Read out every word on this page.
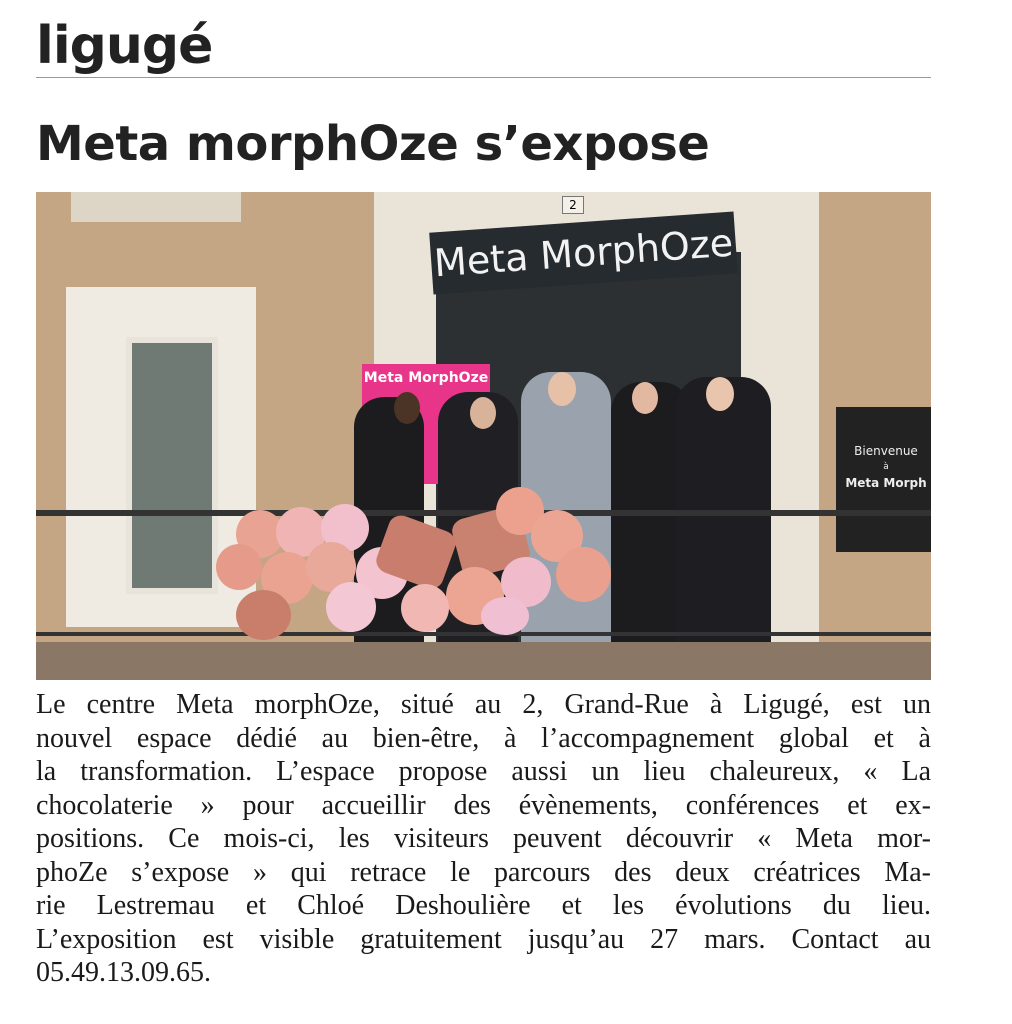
ligugé
Meta morphOze s’expose
2
Meta MorphOze
Meta MorphOze
Bienvenue
à
Meta Morph
Le centre Meta morphOze, situé au 2, Grand-Rue à Ligugé, est un
nouvel espace dédié au bien-être, à l’accompagnement global et à
la transformation. L’espace propose aussi un lieu chaleureux, « La
chocolaterie » pour accueillir des évènements, conférences et ex-
positions. Ce mois-ci, les visiteurs peuvent découvrir « Meta mor-
phoZe s’expose » qui retrace le parcours des deux créatrices Ma-
rie Lestremau et Chloé Deshoulière et les évolutions du lieu.
L’exposition est visible gratuitement jusqu’au 27 mars. Contact au
05.49.13.09.65.
